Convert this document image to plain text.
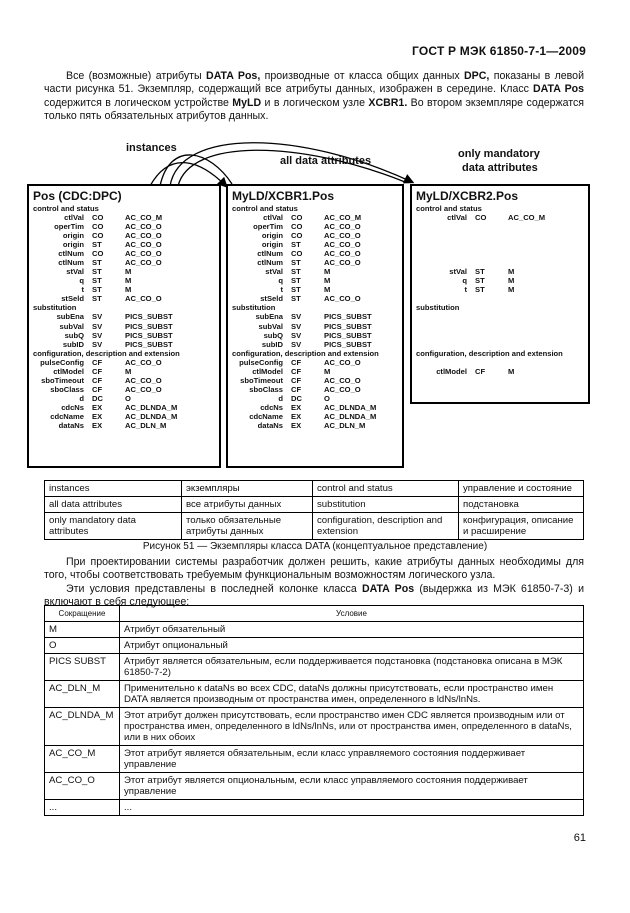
ГОСТ Р МЭК 61850-7-1—2009

Все (возможные) атрибуты DATA Pos, производные от класса общих данных DPC, показаны в левой части рисунка 51. Экземпляр, содержащий все атрибуты данных, изображен в середине. Класс DATA Pos содержится в логическом устройстве MyLD и в логическом узле XCBR1. Во втором экземпляре содержатся только пять обязательных атрибутов данных.

instances
all data attributes
only mandatory
data attributes
Pos (CDC:DPC)
control and status
ctlVal	CO	AC_CO_M
operTim	CO	AC_CO_O
origin	CO	AC_CO_O
origin	ST	AC_CO_O
ctlNum	CO	AC_CO_O
ctlNum	ST	AC_CO_O
stVal	ST	M
q	ST	M
t	ST	M
stSeld	ST	AC_CO_O
substitution
subEna	SV	PICS_SUBST
subVal	SV	PICS_SUBST
subQ	SV	PICS_SUBST
subID	SV	PICS_SUBST
configuration, description and extension
pulseConfig	CF	AC_CO_O
ctlModel	CF	M
sboTimeout	CF	AC_CO_O
sboClass	CF	AC_CO_O
d	DC	O
cdcNs	EX	AC_DLNDA_M
cdcName	EX	AC_DLNDA_M
dataNs	EX	AC_DLN_M
MyLD/XCBR1.Pos
control and status
ctlVal	CO	AC_CO_M
operTim	CO	AC_CO_O
origin	CO	AC_CO_O
origin	ST	AC_CO_O
ctlNum	CO	AC_CO_O
ctlNum	ST	AC_CO_O
stVal	ST	M
q	ST	M
t	ST	M
stSeld	ST	AC_CO_O
substitution
subEna	SV	PICS_SUBST
subVal	SV	PICS_SUBST
subQ	SV	PICS_SUBST
subID	SV	PICS_SUBST
configuration, description and extension
pulseConfig	CF	AC_CO_O
ctlModel	CF	M
sboTimeout	CF	AC_CO_O
sboClass	CF	AC_CO_O
d	DC	O
cdcNs	EX	AC_DLNDA_M
cdcName	EX	AC_DLNDA_M
dataNs	EX	AC_DLN_M
MyLD/XCBR2.Pos
control and status
ctlVal	CO	AC_CO_M
stVal	ST	M
q	ST	M
t	ST	M
substitution
configuration, description and extension
ctlModel	CF	M
instances	экземпляры	control and status	управление и состояние
all data attributes	все атрибуты данных	substitution	подстановка
only mandatory data attributes	только обязательные атрибуты данных	configuration, description and extension	конфигурация, описание и расширение
Рисунок 51 — Экземпляры класса DATA (концептуальное представление)

При проектировании системы разработчик должен решить, какие атрибуты данных необходимы для того, чтобы соответствовать требуемым функциональным возможностям логического узла.

Эти условия представлены в последней колонке класса DATA Pos (выдержка из МЭК 61850-7-3) и включают в себя следующее:

Сокращение	Условие
M	Атрибут обязательный
O	Атрибут опциональный
PICS SUBST	Атрибут является обязательным, если поддерживается подстановка (подстановка описана в МЭК 61850-7-2)
AC_DLN_M	Применительно к dataNs во всех CDC, dataNs должны присутствовать, если пространство имен DATA является производным от пространства имен, определенного в ldNs/lnNs.
AC_DLNDA_M	Этот атрибут должен присутствовать, если пространство имен CDC является производным или от пространства имен, определенного в ldNs/lnNs, или от пространства имен, определенного в dataNs, или в них обоих
AC_CO_M	Этот атрибут является обязательным, если класс управляемого состояния поддерживает управление
AC_CO_O	Этот атрибут является опциональным, если класс управляемого состояния поддерживает управление
...	...
61
